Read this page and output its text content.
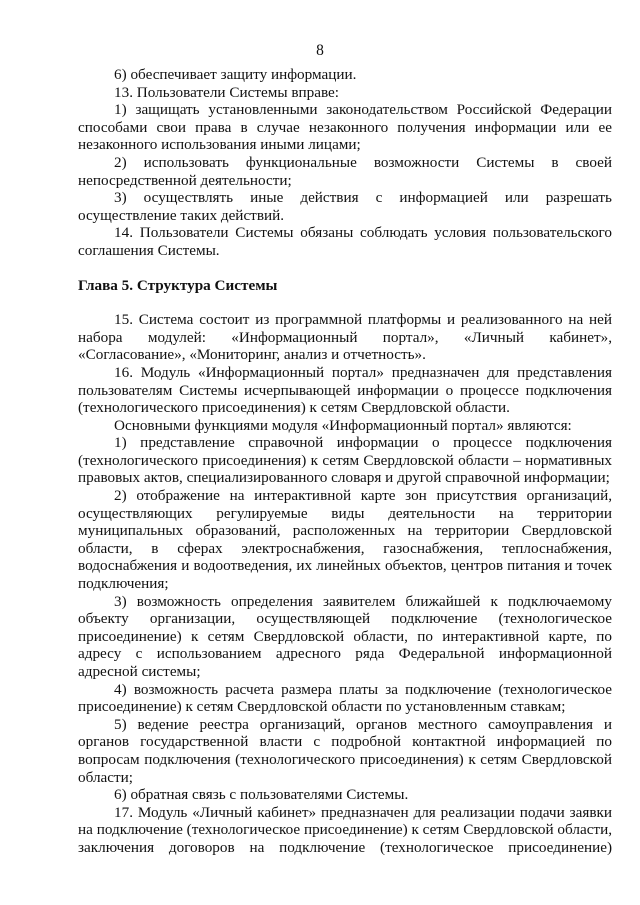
8

6) обеспечивает защиту информации.

13. Пользователи Системы вправе:

1) защищать установленными законодательством Российской Федерации способами свои права в случае незаконного получения информации или ее незаконного использования иными лицами;

2) использовать функциональные возможности Системы в своей непосредственной деятельности;

3) осуществлять иные действия с информацией или разрешать осуществление таких действий.

14. Пользователи Системы обязаны соблюдать условия пользовательского соглашения Системы.

Глава 5. Структура Системы

15. Система состоит из программной платформы и реализованного на ней набора модулей: «Информационный портал», «Личный кабинет», «Согласование», «Мониторинг, анализ и отчетность».

16. Модуль «Информационный портал» предназначен для представления пользователям Системы исчерпывающей информации о процессе подключения (технологического присоединения) к сетям Свердловской области.

Основными функциями модуля «Информационный портал» являются:

1) представление справочной информации о процессе подключения (технологического присоединения) к сетям Свердловской области – нормативных правовых актов, специализированного словаря и другой справочной информации;

2) отображение на интерактивной карте зон присутствия организаций, осуществляющих регулируемые виды деятельности на территории муниципальных образований, расположенных на территории Свердловской области, в сферах электроснабжения, газоснабжения, теплоснабжения, водоснабжения и водоотведения, их линейных объектов, центров питания и точек подключения;

3) возможность определения заявителем ближайшей к подключаемому объекту организации, осуществляющей подключение (технологическое присоединение) к сетям Свердловской области, по интерактивной карте, по адресу с использованием адресного ряда Федеральной информационной адресной системы;

4) возможность расчета размера платы за подключение (технологическое присоединение) к сетям Свердловской области по установленным ставкам;

5) ведение реестра организаций, органов местного самоуправления и органов государственной власти с подробной контактной информацией по вопросам подключения (технологического присоединения) к сетям Свердловской области;

6) обратная связь с пользователями Системы.

17. Модуль «Личный кабинет» предназначен для реализации подачи заявки на подключение (технологическое присоединение) к сетям Свердловской области, заключения договоров на подключение (технологическое присоединение)
